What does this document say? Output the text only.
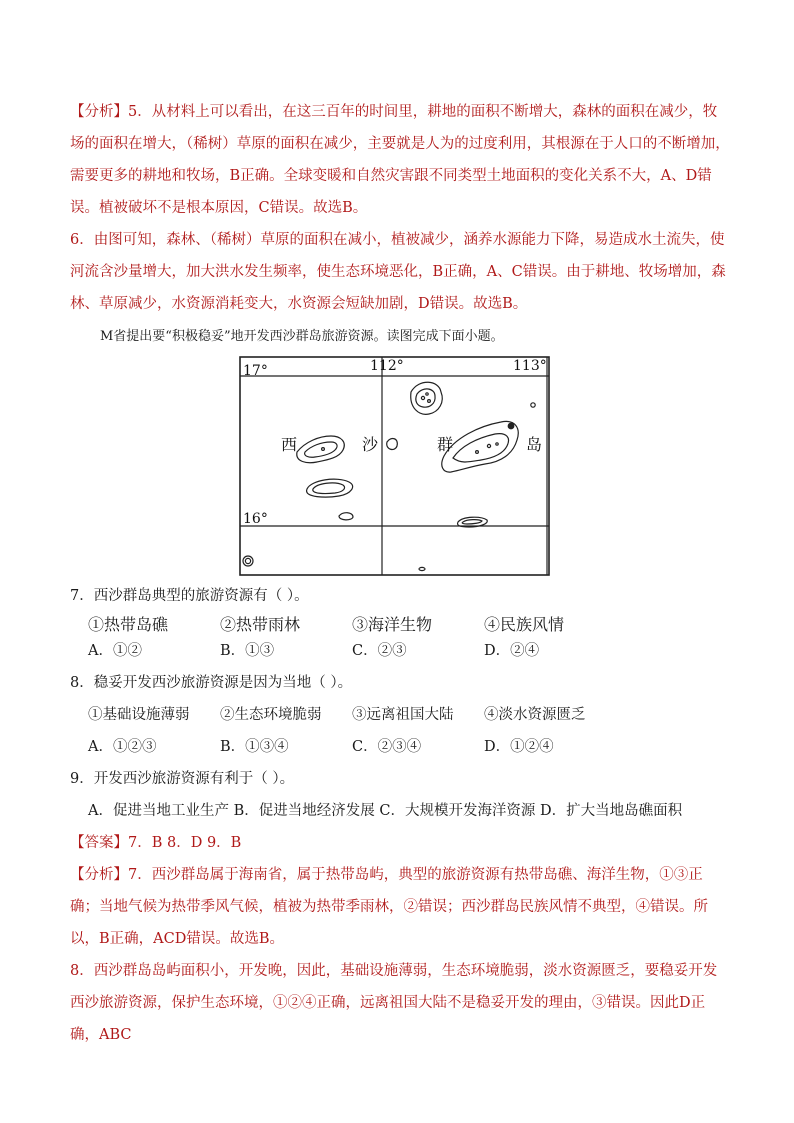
【分析】5．从材料上可以看出，在这三百年的时间里，耕地的面积不断增大，森林的面积在减少，牧场的面积在增大，（稀树）草原的面积在减少，主要就是人为的过度利用，其根源在于人口的不断增加，需要更多的耕地和牧场，B正确。全球变暖和自然灾害跟不同类型土地面积的变化关系不大，A、D错误。植被破坏不是根本原因，C错误。故选B。

6．由图可知，森林、（稀树）草原的面积在减小，植被减少，涵养水源能力下降，易造成水土流失，使河流含沙量增大，加大洪水发生频率，使生态环境恶化，B正确，A、C错误。由于耕地、牧场增加，森林、草原减少，水资源消耗变大，水资源会短缺加剧，D错误。故选B。

M省提出要“积极稳妥”地开发西沙群岛旅游资源。读图完成下面小题。
17°
16°
112°	113°
西	沙	群	岛
7．西沙群岛典型的旅游资源有（ ）。
①热带岛礁	②热带雨林	③海洋生物	④民族风情
A．①②	B．①③	C．②③	D．②④
8．稳妥开发西沙旅游资源是因为当地（ ）。
①基础设施薄弱	②生态环境脆弱	③远离祖国大陆	④淡水资源匮乏
A．①②③	B．①③④	C．②③④	D．①②④
9．开发西沙旅游资源有利于（ ）。
A．促进当地工业生产 B．促进当地经济发展 C．大规模开发海洋资源 D．扩大当地岛礁面积
【答案】7．B 8．D 9．B

【分析】7．西沙群岛属于海南省，属于热带岛屿，典型的旅游资源有热带岛礁、海洋生物，①③正确；当地气候为热带季风气候，植被为热带季雨林，②错误；西沙群岛民族风情不典型，④错误。所以，B正确，ACD错误。故选B。

8．西沙群岛岛屿面积小，开发晚，因此，基础设施薄弱，生态环境脆弱，淡水资源匮乏，要稳妥开发西沙旅游资源，保护生态环境，①②④正确，远离祖国大陆不是稳妥开发的理由，③错误。因此D正确，ABC
